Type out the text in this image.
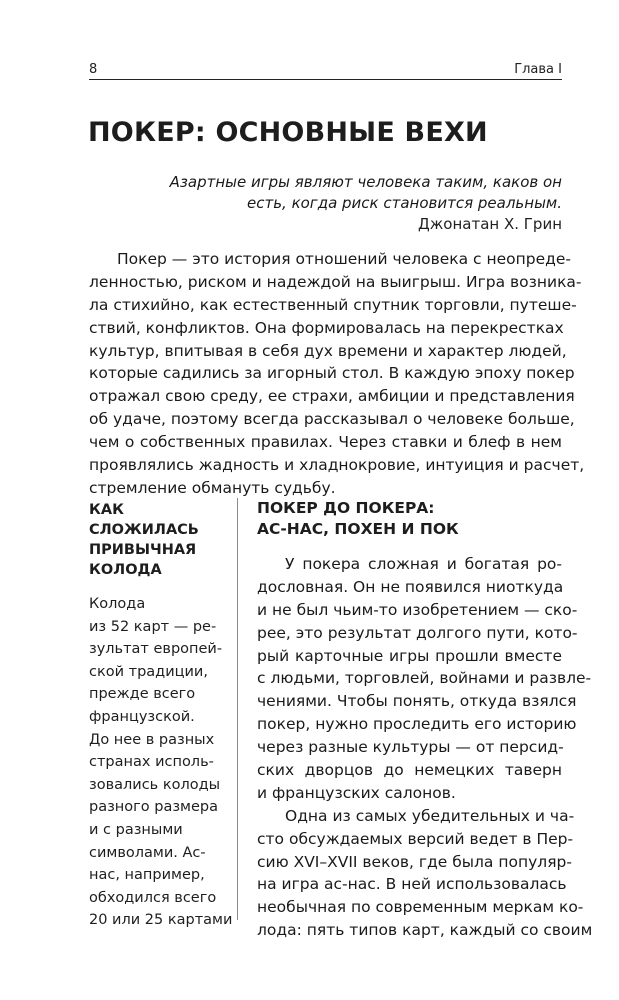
8	Глава I
ПОКЕР: ОСНОВНЫЕ ВЕХИ

Азартные игры являют человека таким, каков он
есть, когда риск становится реальным.

Джонатан Х. Грин

Покер — это история отношений человека с неопреде-
ленностью, риском и надеждой на выигрыш. Игра возника-
ла стихийно, как естественный спутник торговли, путеше-
ствий, конфликтов. Она формировалась на перекрестках
культур, впитывая в себя дух времени и характер людей,
которые садились за игорный стол. В каждую эпоху покер
отражал свою среду, ее страхи, амбиции и представления
об удаче, поэтому всегда рассказывал о человеке больше,
чем о собственных правилах. Через ставки и блеф в нем
проявлялись жадность и хладнокровие, интуиция и расчет,
стремление обмануть судьбу.
КАК СЛОЖИЛАСЬ
ПРИВЫЧНАЯ
КОЛОДА
Колода
из 52 карт — ре-
зультат европей-
ской традиции,
прежде всего
французской.
До нее в разных
странах исполь-
зовались колоды
разного размера
и с разными
символами. Ас-
нас, например,
обходился всего
20 или 25 картами
ПОКЕР ДО ПОКЕРА:
АС-НАС, ПОХЕН И ПОК
У покера сложная и богатая ро-
дословная. Он не появился ниоткуда
и не был чьим-то изобретением — ско-
рее, это результат долгого пути, кото-
рый карточные игры прошли вместе
с людьми, торговлей, войнами и развле-
чениями. Чтобы понять, откуда взялся
покер, нужно проследить его историю
через разные культуры — от персид-
ских дворцов до немецких таверн
и французских салонов.
Одна из самых убедительных и ча-
сто обсуждаемых версий ведет в Пер-
сию XVI–XVII веков, где была популяр-
на игра ас-нас. В ней использовалась
необычная по современным меркам ко-
лода: пять типов карт, каждый со своим
